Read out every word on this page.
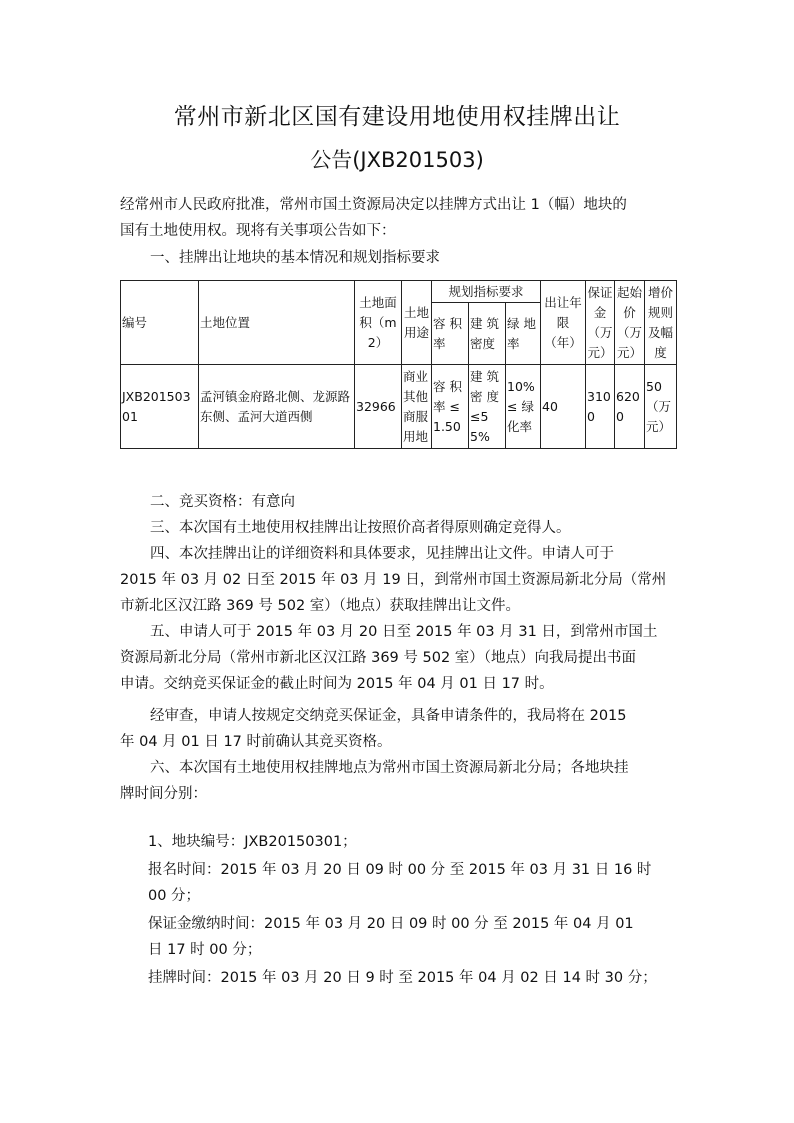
常州市新北区国有建设用地使用权挂牌出让
公告(JXB201503)
经常州市人民政府批准，常州市国土资源局决定以挂牌方式出让 1（幅）地块的
国有土地使用权。现将有关事项公告如下：
一、挂牌出让地块的基本情况和规划指标要求
编号	土地位置	土地面积（m2）	土地用途	规划指标要求			出让年限（年）	保证金（万元）	起始价（万元）	增价规则及幅度
				容 积率	建 筑密度	绿 地率				
JXB20150301	孟河镇金府路北侧、龙源路东侧、孟河大道西侧	32966	商业其他商服用地	容 积率 ≤1.50	建 筑密 度≤55%	10%≤ 绿化率	40	3100	6200	50（万元）
二、竞买资格：有意向
三、本次国有土地使用权挂牌出让按照价高者得原则确定竞得人。
四、本次挂牌出让的详细资料和具体要求，见挂牌出让文件。申请人可于
2015 年 03 月 02 日至 2015 年 03 月 19 日，到常州市国土资源局新北分局（常州
市新北区汉江路 369 号 502 室）（地点）获取挂牌出让文件。
五、申请人可于 2015 年 03 月 20 日至 2015 年 03 月 31 日，到常州市国土
资源局新北分局（常州市新北区汉江路 369 号 502 室）（地点）向我局提出书面
申请。交纳竞买保证金的截止时间为 2015 年 04 月 01 日 17 时。
经审查，申请人按规定交纳竞买保证金，具备申请条件的，我局将在 2015
年 04 月 01 日 17 时前确认其竞买资格。
六、本次国有土地使用权挂牌地点为常州市国土资源局新北分局；各地块挂
牌时间分别：
1、地块编号：JXB20150301；
报名时间：2015 年 03 月 20 日 09 时 00 分 至 2015 年 03 月 31 日 16 时
00 分；
保证金缴纳时间：2015 年 03 月 20 日 09 时 00 分 至 2015 年 04 月 01
日 17 时 00 分；
挂牌时间：2015 年 03 月 20 日 9 时 至 2015 年 04 月 02 日 14 时 30 分；
